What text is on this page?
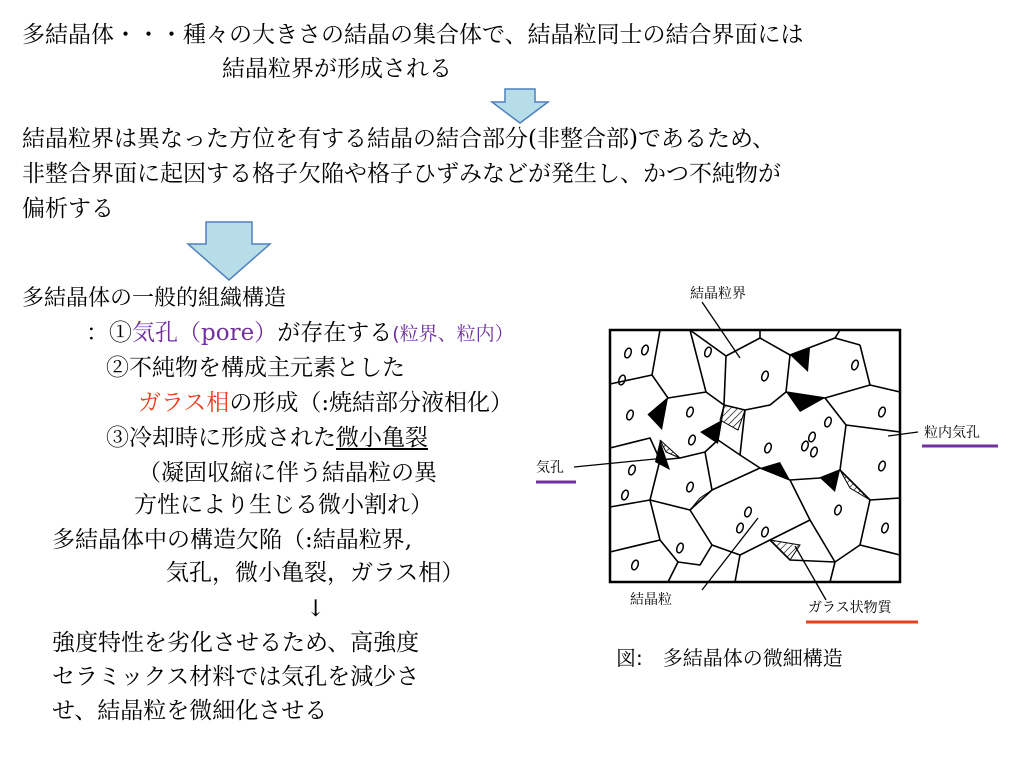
多結晶体・・・種々の大きさの結晶の集合体で、結晶粒同士の結合界面には
結晶粒界が形成される
結晶粒界は異なった方位を有する結晶の結合部分(非整合部)であるため、
非整合界面に起因する格子欠陥や格子ひずみなどが発生し、かつ不純物が
偏析する
多結晶体の一般的組織構造
：①気孔（pore）が存在する(粒界、粒内）
②不純物を構成主元素とした
ガラス相の形成（:焼結部分液相化）
③冷却時に形成された微小亀裂
（凝固収縮に伴う結晶粒の異
方性により生じる微小割れ）
多結晶体中の構造欠陥（:結晶粒界,
気孔，微小亀裂，ガラス相）
↓
強度特性を劣化させるため、高強度
セラミックス材料では気孔を減少さ
せ、結晶粒を微細化させる
結晶粒界
粒内気孔
気孔
結晶粒	ガラス状物質
図:　多結晶体の微細構造
